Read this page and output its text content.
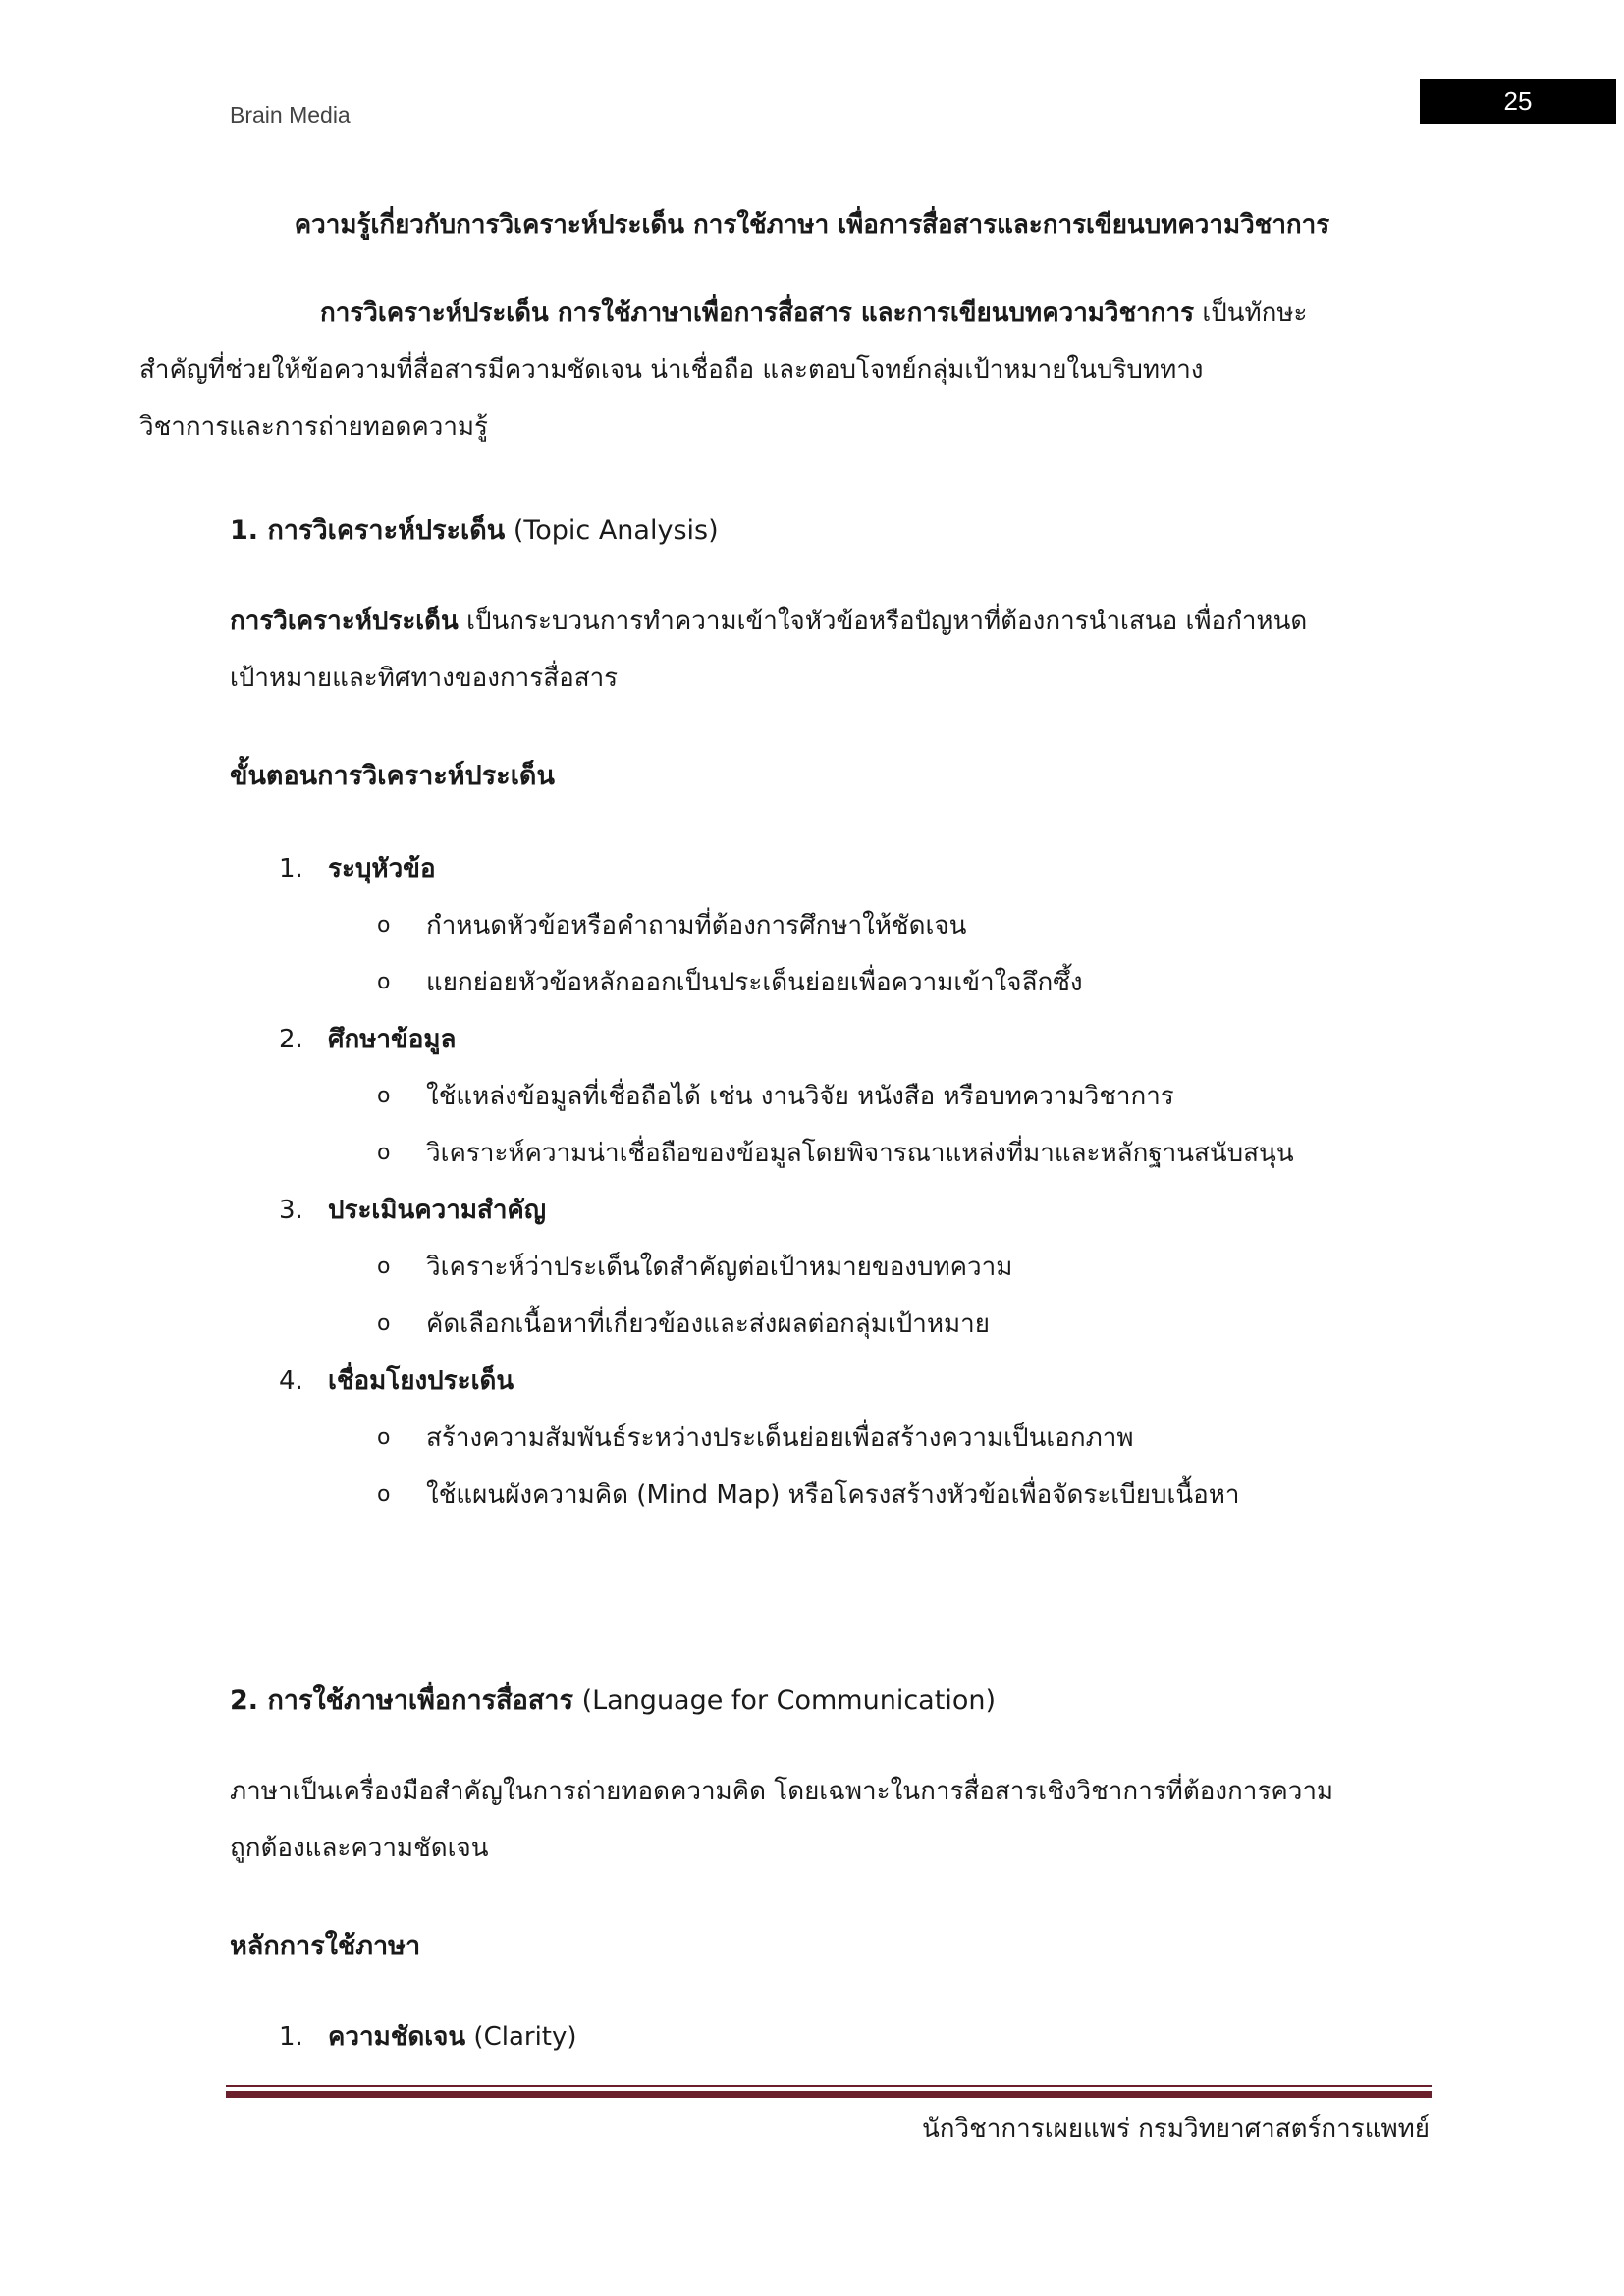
Brain Media	25
ความรู้เกี่ยวกับการวิเคราะห์ประเด็น การใช้ภาษา เพื่อการสื่อสารและการเขียนบทความวิชาการ
การวิเคราะห์ประเด็น การใช้ภาษาเพื่อการสื่อสาร และการเขียนบทความวิชาการ เป็นทักษะ
สำคัญที่ช่วยให้ข้อความที่สื่อสารมีความชัดเจน น่าเชื่อถือ และตอบโจทย์กลุ่มเป้าหมายในบริบททาง
วิชาการและการถ่ายทอดความรู้
1. การวิเคราะห์ประเด็น (Topic Analysis)
การวิเคราะห์ประเด็น เป็นกระบวนการทำความเข้าใจหัวข้อหรือปัญหาที่ต้องการนำเสนอ เพื่อกำหนด
เป้าหมายและทิศทางของการสื่อสาร
ขั้นตอนการวิเคราะห์ประเด็น
1. ระบุหัวข้อ
o กำหนดหัวข้อหรือคำถามที่ต้องการศึกษาให้ชัดเจน
o แยกย่อยหัวข้อหลักออกเป็นประเด็นย่อยเพื่อความเข้าใจลึกซึ้ง
2. ศึกษาข้อมูล
o ใช้แหล่งข้อมูลที่เชื่อถือได้ เช่น งานวิจัย หนังสือ หรือบทความวิชาการ
o วิเคราะห์ความน่าเชื่อถือของข้อมูลโดยพิจารณาแหล่งที่มาและหลักฐานสนับสนุน
3. ประเมินความสำคัญ
o วิเคราะห์ว่าประเด็นใดสำคัญต่อเป้าหมายของบทความ
o คัดเลือกเนื้อหาที่เกี่ยวข้องและส่งผลต่อกลุ่มเป้าหมาย
4. เชื่อมโยงประเด็น
o สร้างความสัมพันธ์ระหว่างประเด็นย่อยเพื่อสร้างความเป็นเอกภาพ
o ใช้แผนผังความคิด (Mind Map) หรือโครงสร้างหัวข้อเพื่อจัดระเบียบเนื้อหา
2. การใช้ภาษาเพื่อการสื่อสาร (Language for Communication)
ภาษาเป็นเครื่องมือสำคัญในการถ่ายทอดความคิด โดยเฉพาะในการสื่อสารเชิงวิชาการที่ต้องการความ
ถูกต้องและความชัดเจน
หลักการใช้ภาษา
1. ความชัดเจน (Clarity)
นักวิชาการเผยแพร่ กรมวิทยาศาสตร์การแพทย์
